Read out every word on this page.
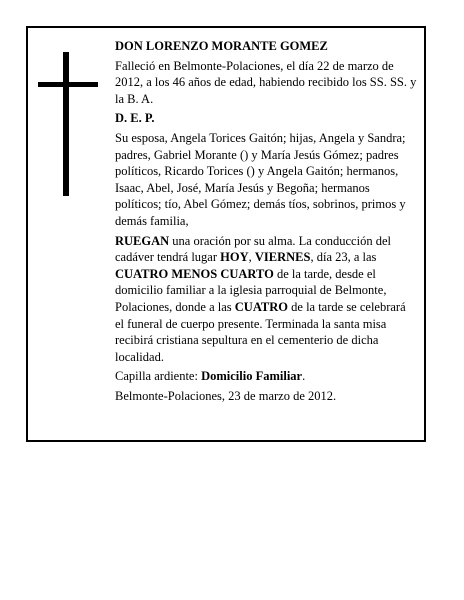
DON LORENZO MORANTE GOMEZ

Falleció en Belmonte-Polaciones, el día 22 de marzo de 2012, a los 46 años de edad, habiendo recibido los SS. SS. y la B. A.

D. E. P.

Su esposa, Angela Torices Gaitón; hijas, Angela y Sandra; padres, Gabriel Morante () y María Jesús Gómez; padres políticos, Ricardo Torices () y Angela Gaitón; hermanos, Isaac, Abel, José, María Jesús y Begoña; hermanos políticos; tío, Abel Gómez; demás tíos, sobrinos, primos y demás familia,

RUEGAN una oración por su alma. La conducción del cadáver tendrá lugar HOY, VIERNES, día 23, a las CUATRO MENOS CUARTO de la tarde, desde el domicilio familiar a la iglesia parroquial de Belmonte, Polaciones, donde a las CUATRO de la tarde se celebrará el funeral de cuerpo presente. Terminada la santa misa recibirá cristiana sepultura en el cementerio de dicha localidad.

Capilla ardiente: Domicilio Familiar.

Belmonte-Polaciones, 23 de marzo de 2012.
